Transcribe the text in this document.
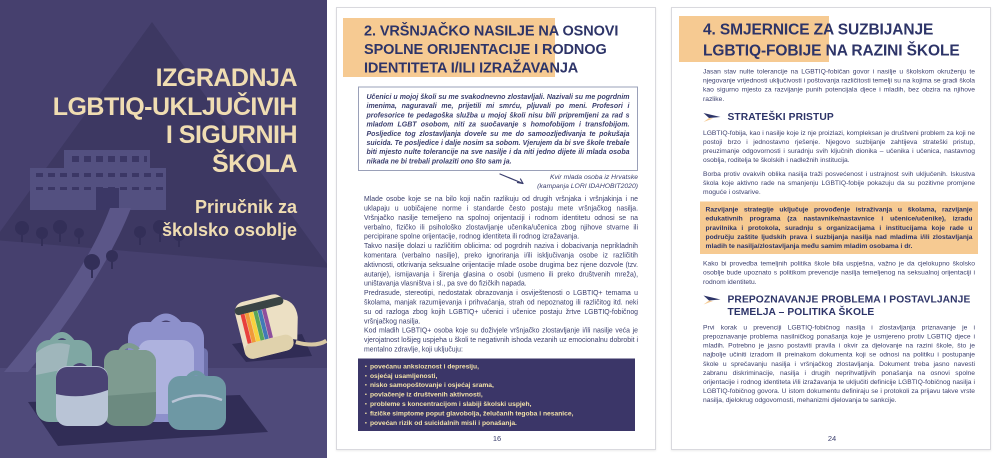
IZGRADNJA
LGBTIQ-UKLJUČIVIH
I SIGURNIH
ŠKOLA
Priručnik za
školsko osoblje
2. VRŠNJAČKO NASILJE NA OSNOVI
SPOLNE ORIJENTACIJE I RODNOG
IDENTITETA I/ILI IZRAŽAVANJA
Učenici u mojoj školi su me svakodnevno zlostavljali. Nazivali su me pogrdnim imenima, naguravali me, prijetili mi smrću, pljuvali po meni. Profesori i profesorice te pedagoška služba u mojoj školi nisu bili pripremljeni za rad s mladom LGBT osobom, niti za suočavanje s homofobijom i transfobijom. Posljedice tog zlostavljanja dovele su me do samoozljeđivanja te pokušaja suicida. Te posljedice i dalje nosim sa sobom. Vjerujem da bi sve škole trebale biti mjesto nulte tolerancije na sve nasilje i da niti jedno dijete ili mlada osoba nikada ne bi trebali prolaziti ono što sam ja.
Kvir mlada osoba iz Hrvatske
(kampanja LORI IDAHOBIT2020)

Mlade osobe koje se na bilo koji način razlikuju od drugih vršnjaka i vršnjakinja i ne uklapaju u uobičajene norme i standarde često postaju mete vršnjačkog nasilja. Vršnjačko nasilje temeljeno na spolnoj orijentaciji i rodnom identitetu odnosi se na verbalno, fizičko ili psihološko zlostavljanje učenika/učenica zbog njihove stvarne ili percipirane spolne orijentacije, rodnog identiteta ili rodnog izražavanja.

Takvo nasilje dolazi u različitim oblicima: od pogrdnih naziva i dobacivanja neprikladnih komentara (verbalno nasilje), preko ignoriranja i/ili isključivanja osobe iz različitih aktivnosti, otkrivanja seksualne orijentacije mlade osobe drugima bez njene dozvole (tzv. autanje), ismijavanja i širenja glasina o osobi (usmeno ili preko društvenih mreža), uništavanja vlasništva i sl., pa sve do fizičkih napada.

Predrasude, stereotipi, nedostatak obrazovanja i osviještenosti o LGBTIQ+ temama u školama, manjak razumijevanja i prihvaćanja, strah od nepoznatog ili različitog itd. neki su od razloga zbog kojih LGBTIQ+ učenici i učenice postaju žrtve LGBTIQ-fobičnog vršnjačkog nasilja.

Kod mladih LGBTIQ+ osoba koje su doživjele vršnjačko zlostavljanje i/ili nasilje veća je vjerojatnost lošijeg uspjeha u školi te negativnih ishoda vezanih uz emocionalnu dobrobit i mentalno zdravlje, koji uključuju:

▪ povećanu anksioznost i depresiju,
▪ osjećaj usamljenosti,
▪ nisko samopoštovanje i osjećaj srama,
▪ povlačenje iz društvenih aktivnosti,
▪ probleme s koncentracijom i slabiji školski uspjeh,
▪ fizičke simptome poput glavobolja, želučanih tegoba i nesanice,
▪ povećan rizik od suicidalnih misli i ponašanja.
16
4. SMJERNICE ZA SUZBIJANJE
LGBTIQ-FOBIJE NA RAZINI ŠKOLE

Jasan stav nulte tolerancije na LGBTIQ-fobičan govor i nasilje u školskom okruženju te njegovanje vrijednosti uključivosti i poštovanja različitosti temelji su na kojima se gradi škola kao sigurno mjesto za razvijanje punih potencijala djece i mladih, bez obzira na njihove razlike.

STRATEŠKI PRISTUP

LGBTIQ-fobija, kao i nasilje koje iz nje proizlazi, kompleksan je društveni problem za koji ne postoji brzo i jednostavno rješenje. Njegovo suzbijanje zahtijeva strateški pristup, preuzimanje odgovornosti i suradnju svih ključnih dionika – učenika i učenica, nastavnog osoblja, roditelja te školskih i nadležnih institucija.

Borba protiv ovakvih oblika nasilja traži posvećenost i ustrajnost svih uključenih. Iskustva škola koje aktivno rade na smanjenju LGBTIQ-fobije pokazuju da su pozitivne promjene moguće i ostvarive.

Razvijanje strategije uključuje provođenje istraživanja u školama, razvijanje edukativnih programa (za nastavnike/nastavnice i učenice/učenike), izradu pravilnika i protokola, suradnju s organizacijama i institucijama koje rade u području zaštite ljudskih prava i suzbijanja nasilja nad mladima i/ili zlostavljanja mladih te nasilja/zlostavljanja među samim mladim osobama i dr.

Kako bi provedba temeljnih politika škole bila uspješna, važno je da cjelokupno školsko osoblje bude upoznato s politikom prevencije nasilja temeljenog na seksualnoj orijentaciji i rodnom identitetu.

PREPOZNAVANJE PROBLEMA I POSTAVLJANJE
TEMELJA – POLITIKA ŠKOLE

Prvi korak u prevenciji LGBTIQ-fobičnog nasilja i zlostavljanja priznavanje je i prepoznavanje problema nasilničkog ponašanja koje je usmjereno protiv LGBTIQ djece i mladih. Potrebno je jasno postaviti pravila i okvir za djelovanje na razini škole, što je najbolje učiniti izradom ili preinakom dokumenta koji se odnosi na politiku i postupanje škole u sprečavanju nasilja i vršnjačkog zlostavljanja. Dokument treba jasno navesti zabranu diskriminacije, nasilja i drugih neprihvatljivih ponašanja na osnovi spolne orijentacije i rodnog identiteta i/ili izražavanja te uključiti definicije LGBTIQ-fobičnog nasilja i LGBTIQ-fobičnog govora. U istom dokumentu definiraju se i protokoli za prijavu takve vrste nasilja, djelokrug odgovornosti, mehanizmi djelovanja te sankcije.

24
